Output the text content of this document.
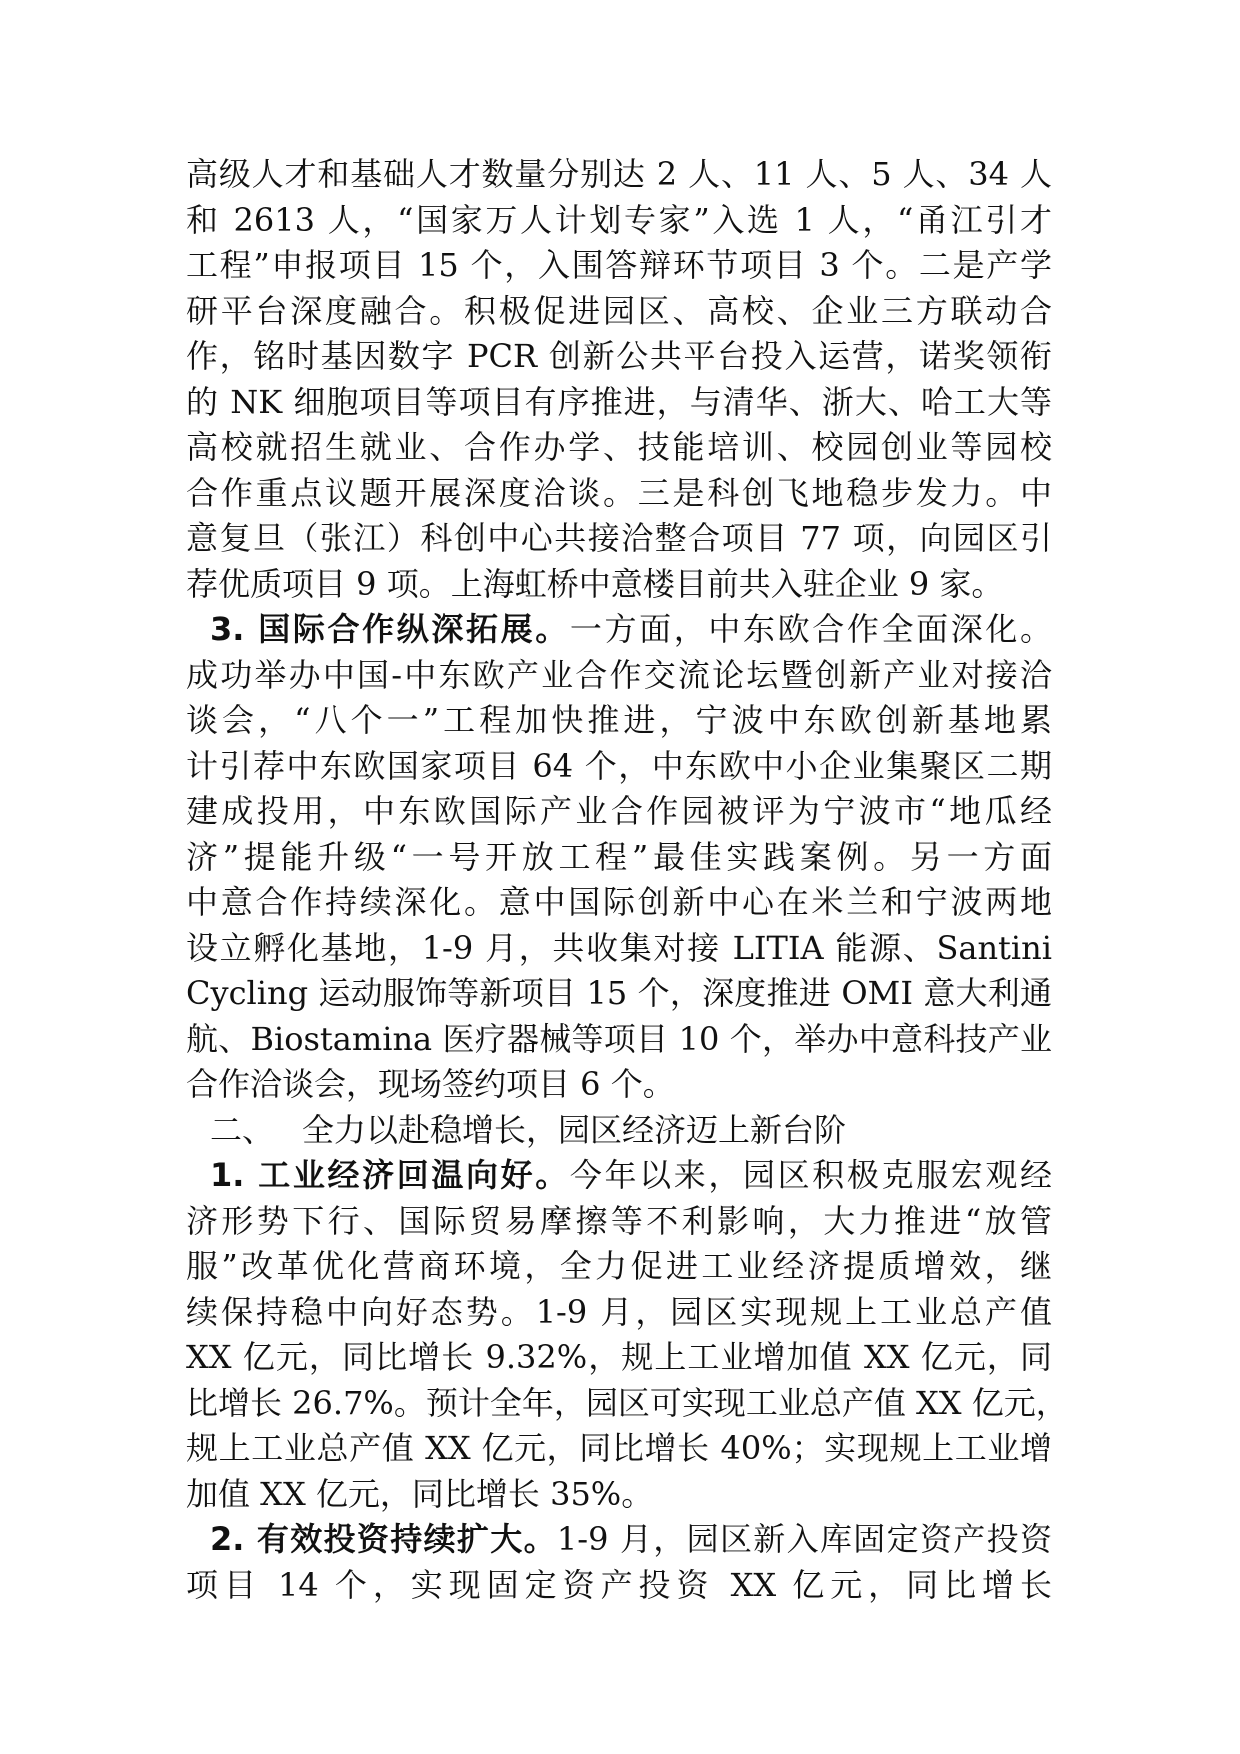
高级人才和基础人才数量分别达 2 人、11 人、5 人、34 人
和 2613 人，“国家万人计划专家”入选 1 人，“甬江引才
工程”申报项目 15 个，入围答辩环节项目 3 个。二是产学
研平台深度融合。积极促进园区、高校、企业三方联动合
作，铭时基因数字 PCR 创新公共平台投入运营，诺奖领衔
的 NK 细胞项目等项目有序推进，与清华、浙大、哈工大等
高校就招生就业、合作办学、技能培训、校园创业等园校
合作重点议题开展深度洽谈。三是科创飞地稳步发力。中
意复旦（张江）科创中心共接洽整合项目 77 项，向园区引
荐优质项目 9 项。上海虹桥中意楼目前共入驻企业 9 家。
3. 国际合作纵深拓展。一方面，中东欧合作全面深化。
成功举办中国-中东欧产业合作交流论坛暨创新产业对接洽
谈会，“八个一”工程加快推进，宁波中东欧创新基地累
计引荐中东欧国家项目 64 个，中东欧中小企业集聚区二期
建成投用，中东欧国际产业合作园被评为宁波市“地瓜经
济”提能升级“一号开放工程”最佳实践案例。另一方面
中意合作持续深化。意中国际创新中心在米兰和宁波两地
设立孵化基地，1-9 月，共收集对接 LITIA 能源、Santini
Cycling 运动服饰等新项目 15 个，深度推进 OMI 意大利通
航、Biostamina 医疗器械等项目 10 个，举办中意科技产业
合作洽谈会，现场签约项目 6 个。
二、 全力以赴稳增长，园区经济迈上新台阶
1. 工业经济回温向好。今年以来，园区积极克服宏观经
济形势下行、国际贸易摩擦等不利影响，大力推进“放管
服”改革优化营商环境，全力促进工业经济提质增效，继
续保持稳中向好态势。1-9 月，园区实现规上工业总产值
XX 亿元，同比增长 9.32%，规上工业增加值 XX 亿元，同
比增长 26.7%。预计全年，园区可实现工业总产值 XX 亿元，
规上工业总产值 XX 亿元，同比增长 40%；实现规上工业增
加值 XX 亿元，同比增长 35%。
2. 有效投资持续扩大。1-9 月，园区新入库固定资产投资
项目 14 个，实现固定资产投资 XX 亿元，同比增长
